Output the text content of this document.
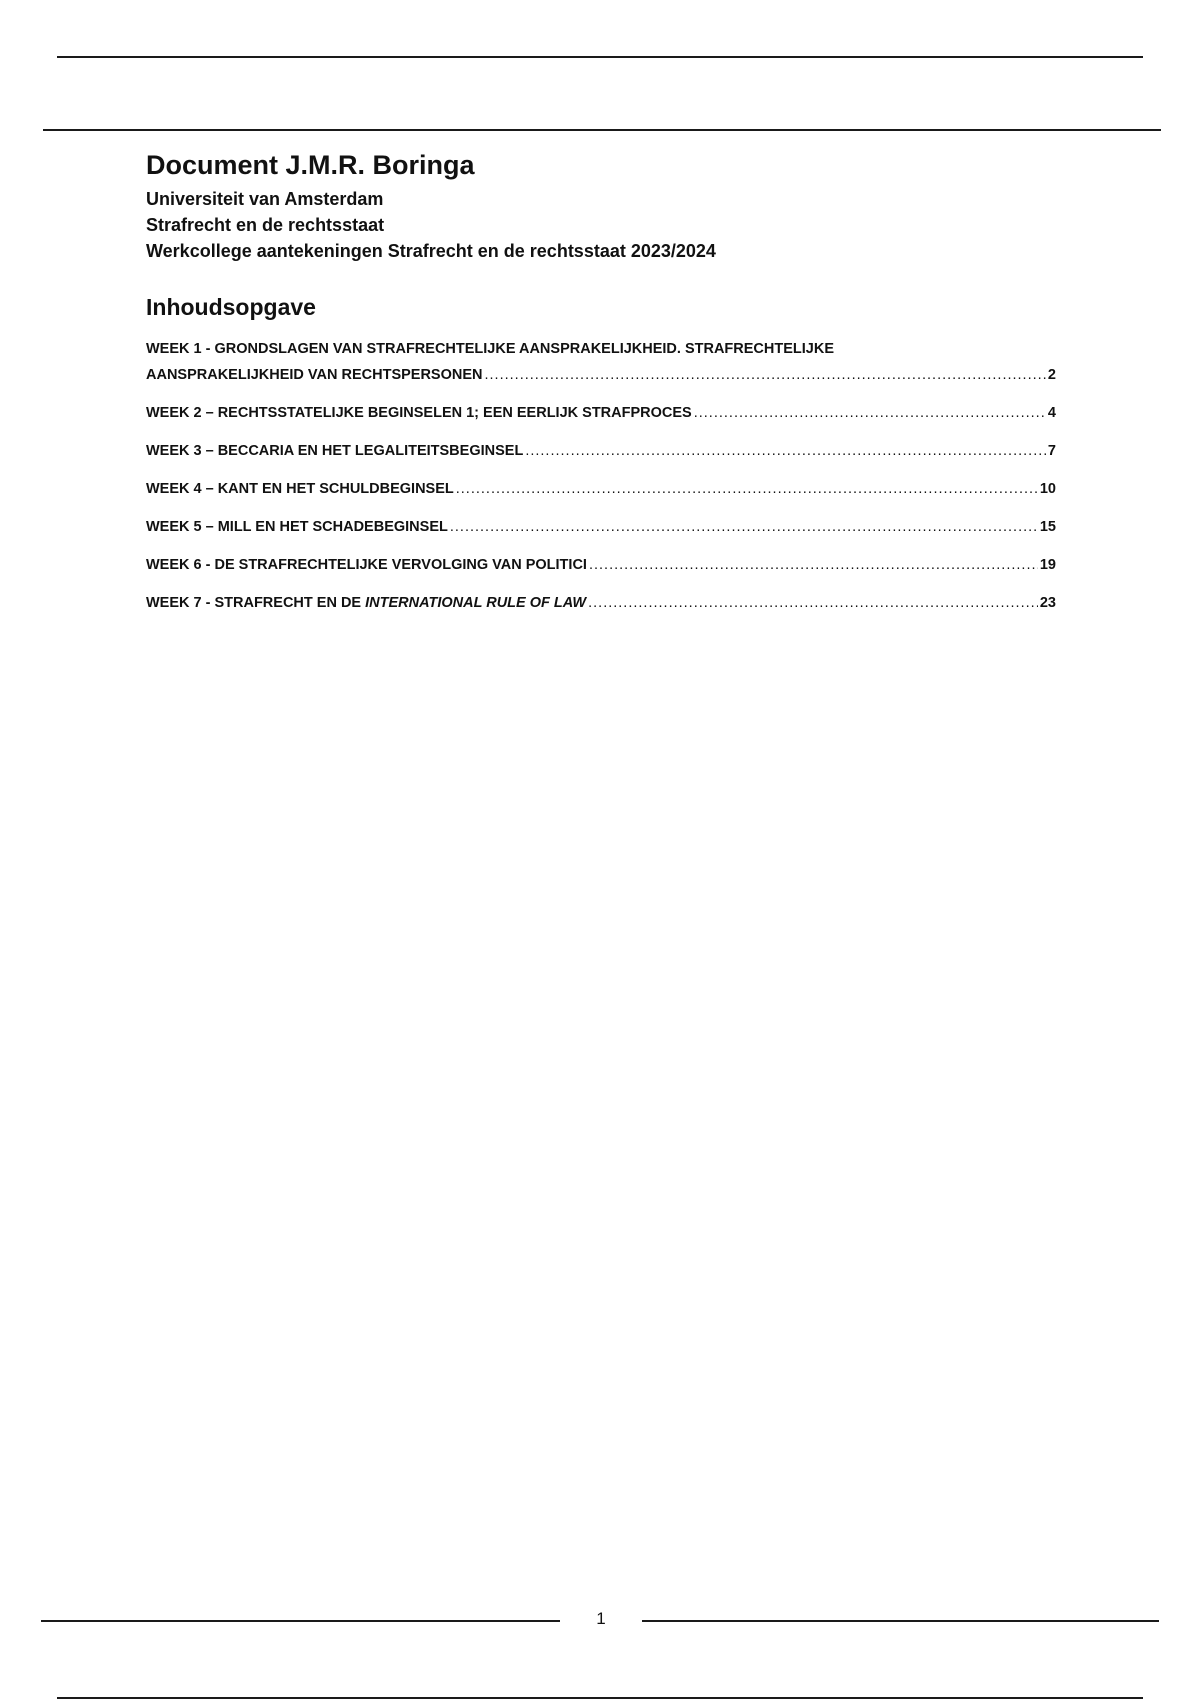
Document J.M.R. Boringa

Universiteit van Amsterdam

Strafrecht en de rechtsstaat

Werkcollege aantekeningen Strafrecht en de rechtsstaat 2023/2024

Inhoudsopgave
WEEK 1 - GRONDSLAGEN VAN STRAFRECHTELIJKE AANSPRAKELIJKHEID. STRAFRECHTELIJKE
AANSPRAKELIJKHEID VAN RECHTSPERSONEN .....	2
WEEK 2 – RECHTSSTATELIJKE BEGINSELEN 1; EEN EERLIJK STRAFPROCES .....	4
WEEK 3 – BECCARIA EN HET LEGALITEITSBEGINSEL .....	7
WEEK 4 – KANT EN HET SCHULDBEGINSEL .....	10
WEEK 5 – MILL EN HET SCHADEBEGINSEL .....	15
WEEK 6 - DE STRAFRECHTELIJKE VERVOLGING VAN POLITICI .....	19
WEEK 7 - STRAFRECHT EN DE INTERNATIONAL RULE OF LAW .....	23
1
